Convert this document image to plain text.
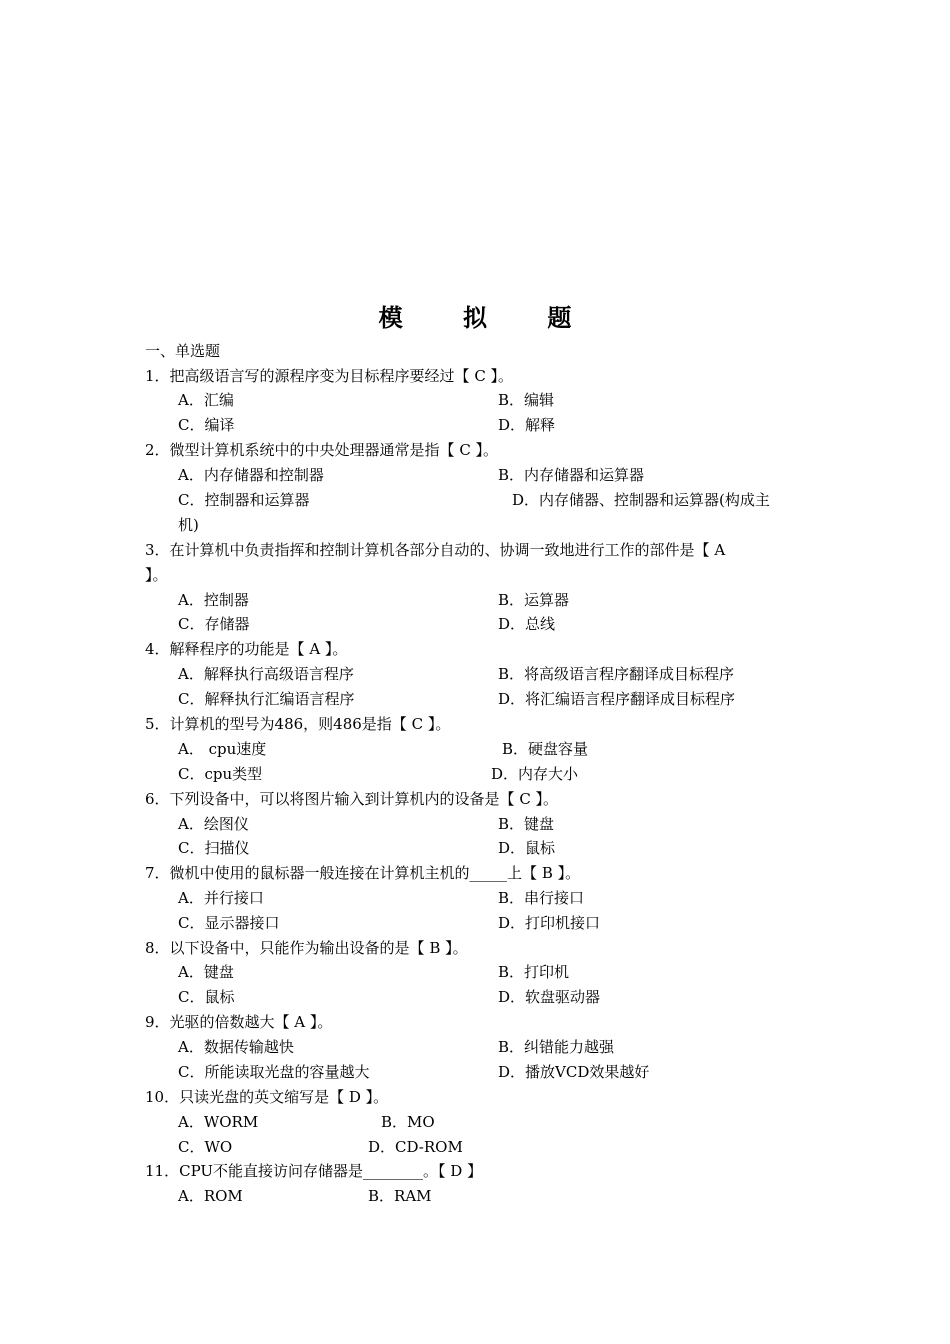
模 拟 题
一、单选题
1．把高级语言写的源程序变为目标程序要经过【 C 】。
A．汇编	B．编辑
C．编译	D．解释
2．微型计算机系统中的中央处理器通常是指【 C 】。
A．内存储器和控制器	B．内存储器和运算器
C．控制器和运算器	D．内存储器、控制器和运算器(构成主
机)
3．在计算机中负责指挥和控制计算机各部分自动的、协调一致地进行工作的部件是【 A
】。
A．控制器	B．运算器
C．存储器	D．总线
4．解释程序的功能是【 A 】。
A．解释执行高级语言程序	B．将高级语言程序翻译成目标程序
C．解释执行汇编语言程序	D．将汇编语言程序翻译成目标程序
5．计算机的型号为486，则486是指【 C 】。
A． cpu速度	B．硬盘容量
C．cpu类型	D．内存大小
6．下列设备中，可以将图片输入到计算机内的设备是【 C 】。
A．绘图仪	B．键盘
C．扫描仪	D．鼠标
7．微机中使用的鼠标器一般连接在计算机主机的_____上【 B 】。
A．并行接口	B．串行接口
C．显示器接口	D．打印机接口
8．以下设备中，只能作为输出设备的是【 B 】。
A．键盘	B．打印机
C．鼠标	D．软盘驱动器
9．光驱的倍数越大【 A 】。
A．数据传输越快	B．纠错能力越强
C．所能读取光盘的容量越大	D．播放VCD效果越好
10．只读光盘的英文缩写是【 D 】。
A．WORM	B．MO
C．WO	D．CD-ROM
11．CPU不能直接访问存储器是________。【 D 】
A．ROM	B．RAM
